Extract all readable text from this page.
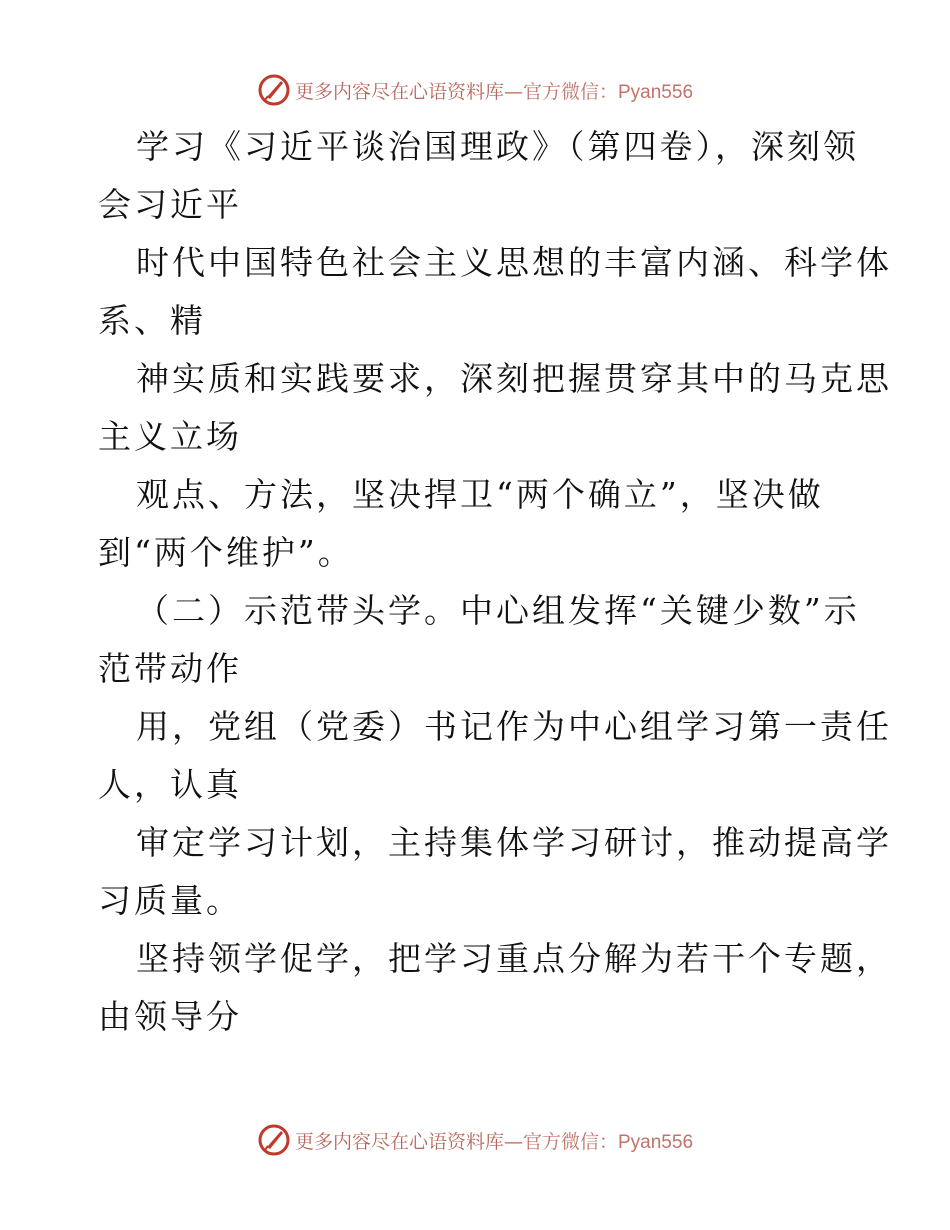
更多内容尽在心语资料库—官方微信：Pyan556
学习《习近平谈治国理政》（第四卷），深刻领
会习近平
时代中国特色社会主义思想的丰富内涵、科学体
系、精
神实质和实践要求，深刻把握贯穿其中的马克思
主义立场
观点、方法，坚决捍卫“两个确立”，坚决做
到“两个维护”。
（二）示范带头学。中心组发挥“关键少数”示
范带动作
用，党组（党委）书记作为中心组学习第一责任
人，认真
审定学习计划，主持集体学习研讨，推动提高学
习质量。
坚持领学促学，把学习重点分解为若干个专题，
由领导分
更多内容尽在心语资料库—官方微信：Pyan556
